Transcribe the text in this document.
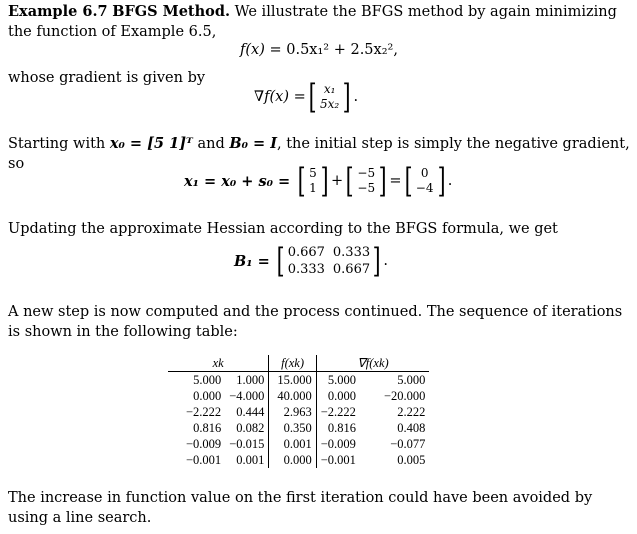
Example 6.7 BFGS Method. We illustrate the BFGS method by again minimizing the function of Example 6.5,

f(x) = 0.5x₁² + 2.5x₂²,

whose gradient is given by

∇f(x) = [ x₁
5x₂ ] .

Starting with x₀ = [5 1]ᵀ and B₀ = I, the initial step is simply the negative gradient, so

x₁ = x₀ + s₀ =
[ 5
1 ] + [ −5
−5 ] = [ 0
−4 ] .

Updating the approximate Hessian according to the BFGS formula, we get

B₁ =
[ 0.667 0.333
0.333 0.667 ] .

A new step is now computed and the process continued. The sequence of iterations is shown in the following table:

xk		f(xk)	∇f(xk)	
5.000	1.000	15.000	5.000	5.000
0.000	−4.000	40.000	0.000	−20.000
−2.222	0.444	2.963	−2.222	2.222
0.816	0.082	0.350	0.816	0.408
−0.009	−0.015	0.001	−0.009	−0.077
−0.001	0.001	0.000	−0.001	0.005

The increase in function value on the first iteration could have been avoided by using a line search.
